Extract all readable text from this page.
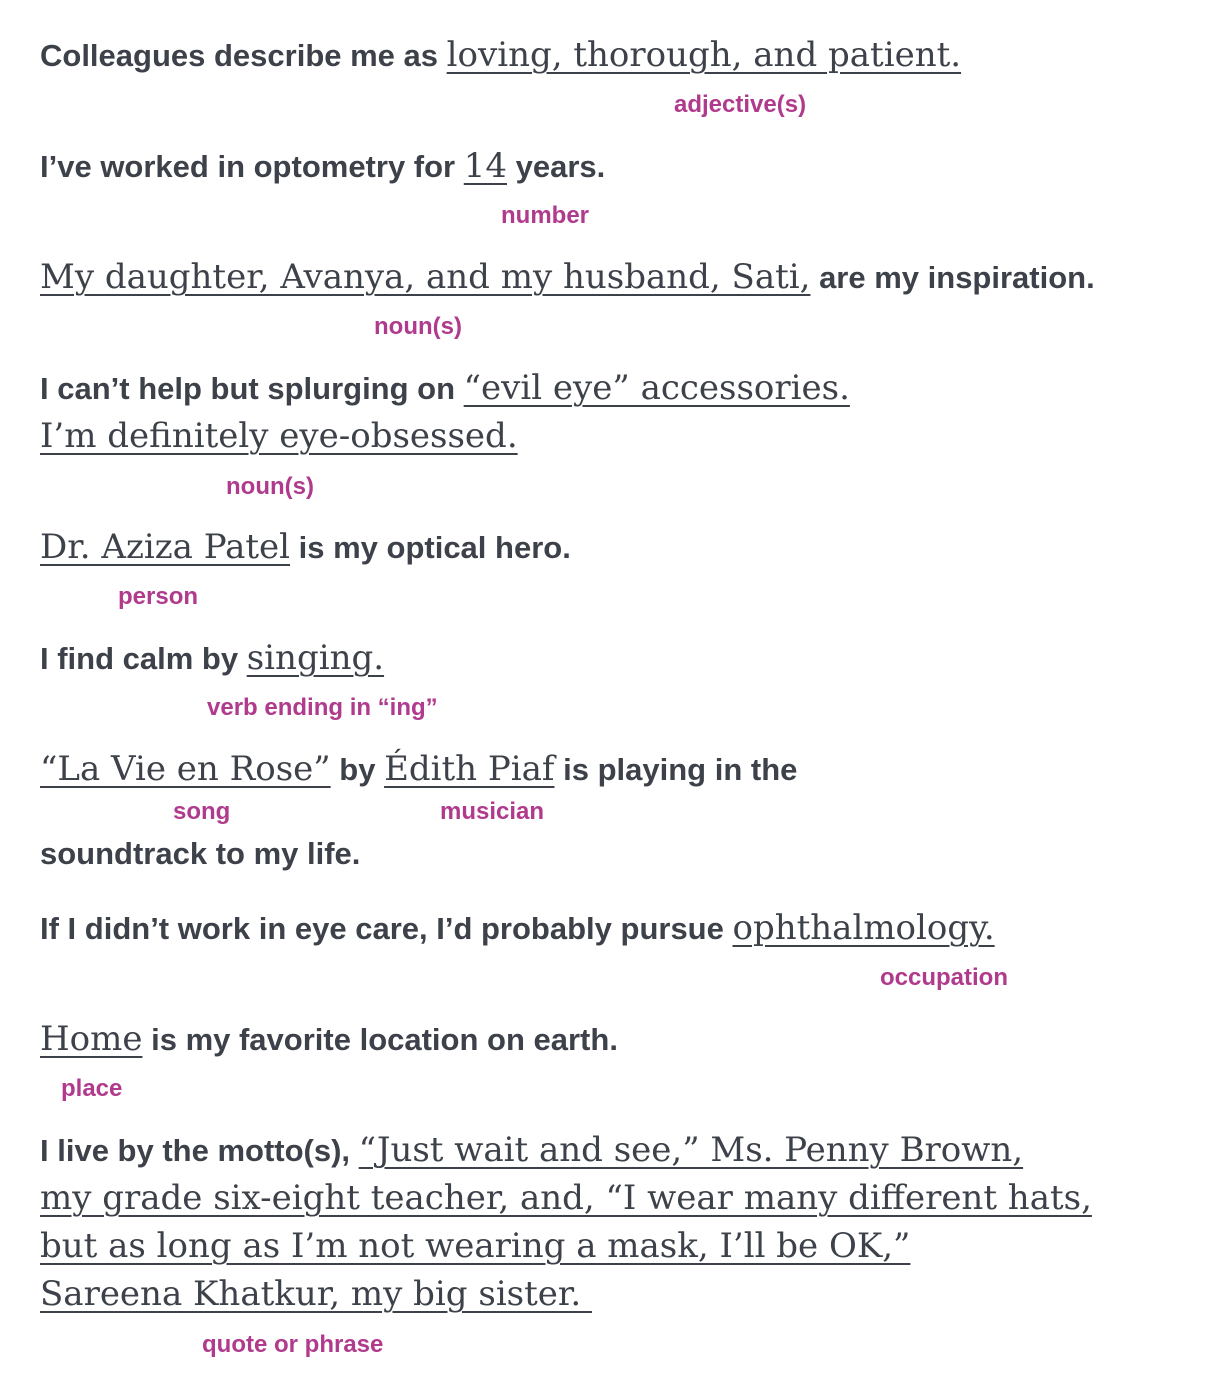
Colleagues describe me as loving, thorough, and patient.
adjective(s)
I’ve worked in optometry for 14 years.
number
My daughter, Avanya, and my husband, Sati, are my inspiration.
noun(s)
I can’t help but splurging on “evil eye” accessories.
I’m definitely eye-obsessed.
noun(s)
Dr. Aziza Patel is my optical hero.
person
I find calm by singing.
verb ending in “ing”
“La Vie en Rose” by Édith Piaf is playing in the
song	musician
soundtrack to my life.
If I didn’t work in eye care, I’d probably pursue ophthalmology.
occupation
Home is my favorite location on earth.
place
I live by the motto(s), “Just wait and see,” Ms. Penny Brown,
my grade six-eight teacher, and, “I wear many different hats,
but as long as I’m not wearing a mask, I’ll be OK,”
Sareena Khatkur, my big sister.
quote or phrase
